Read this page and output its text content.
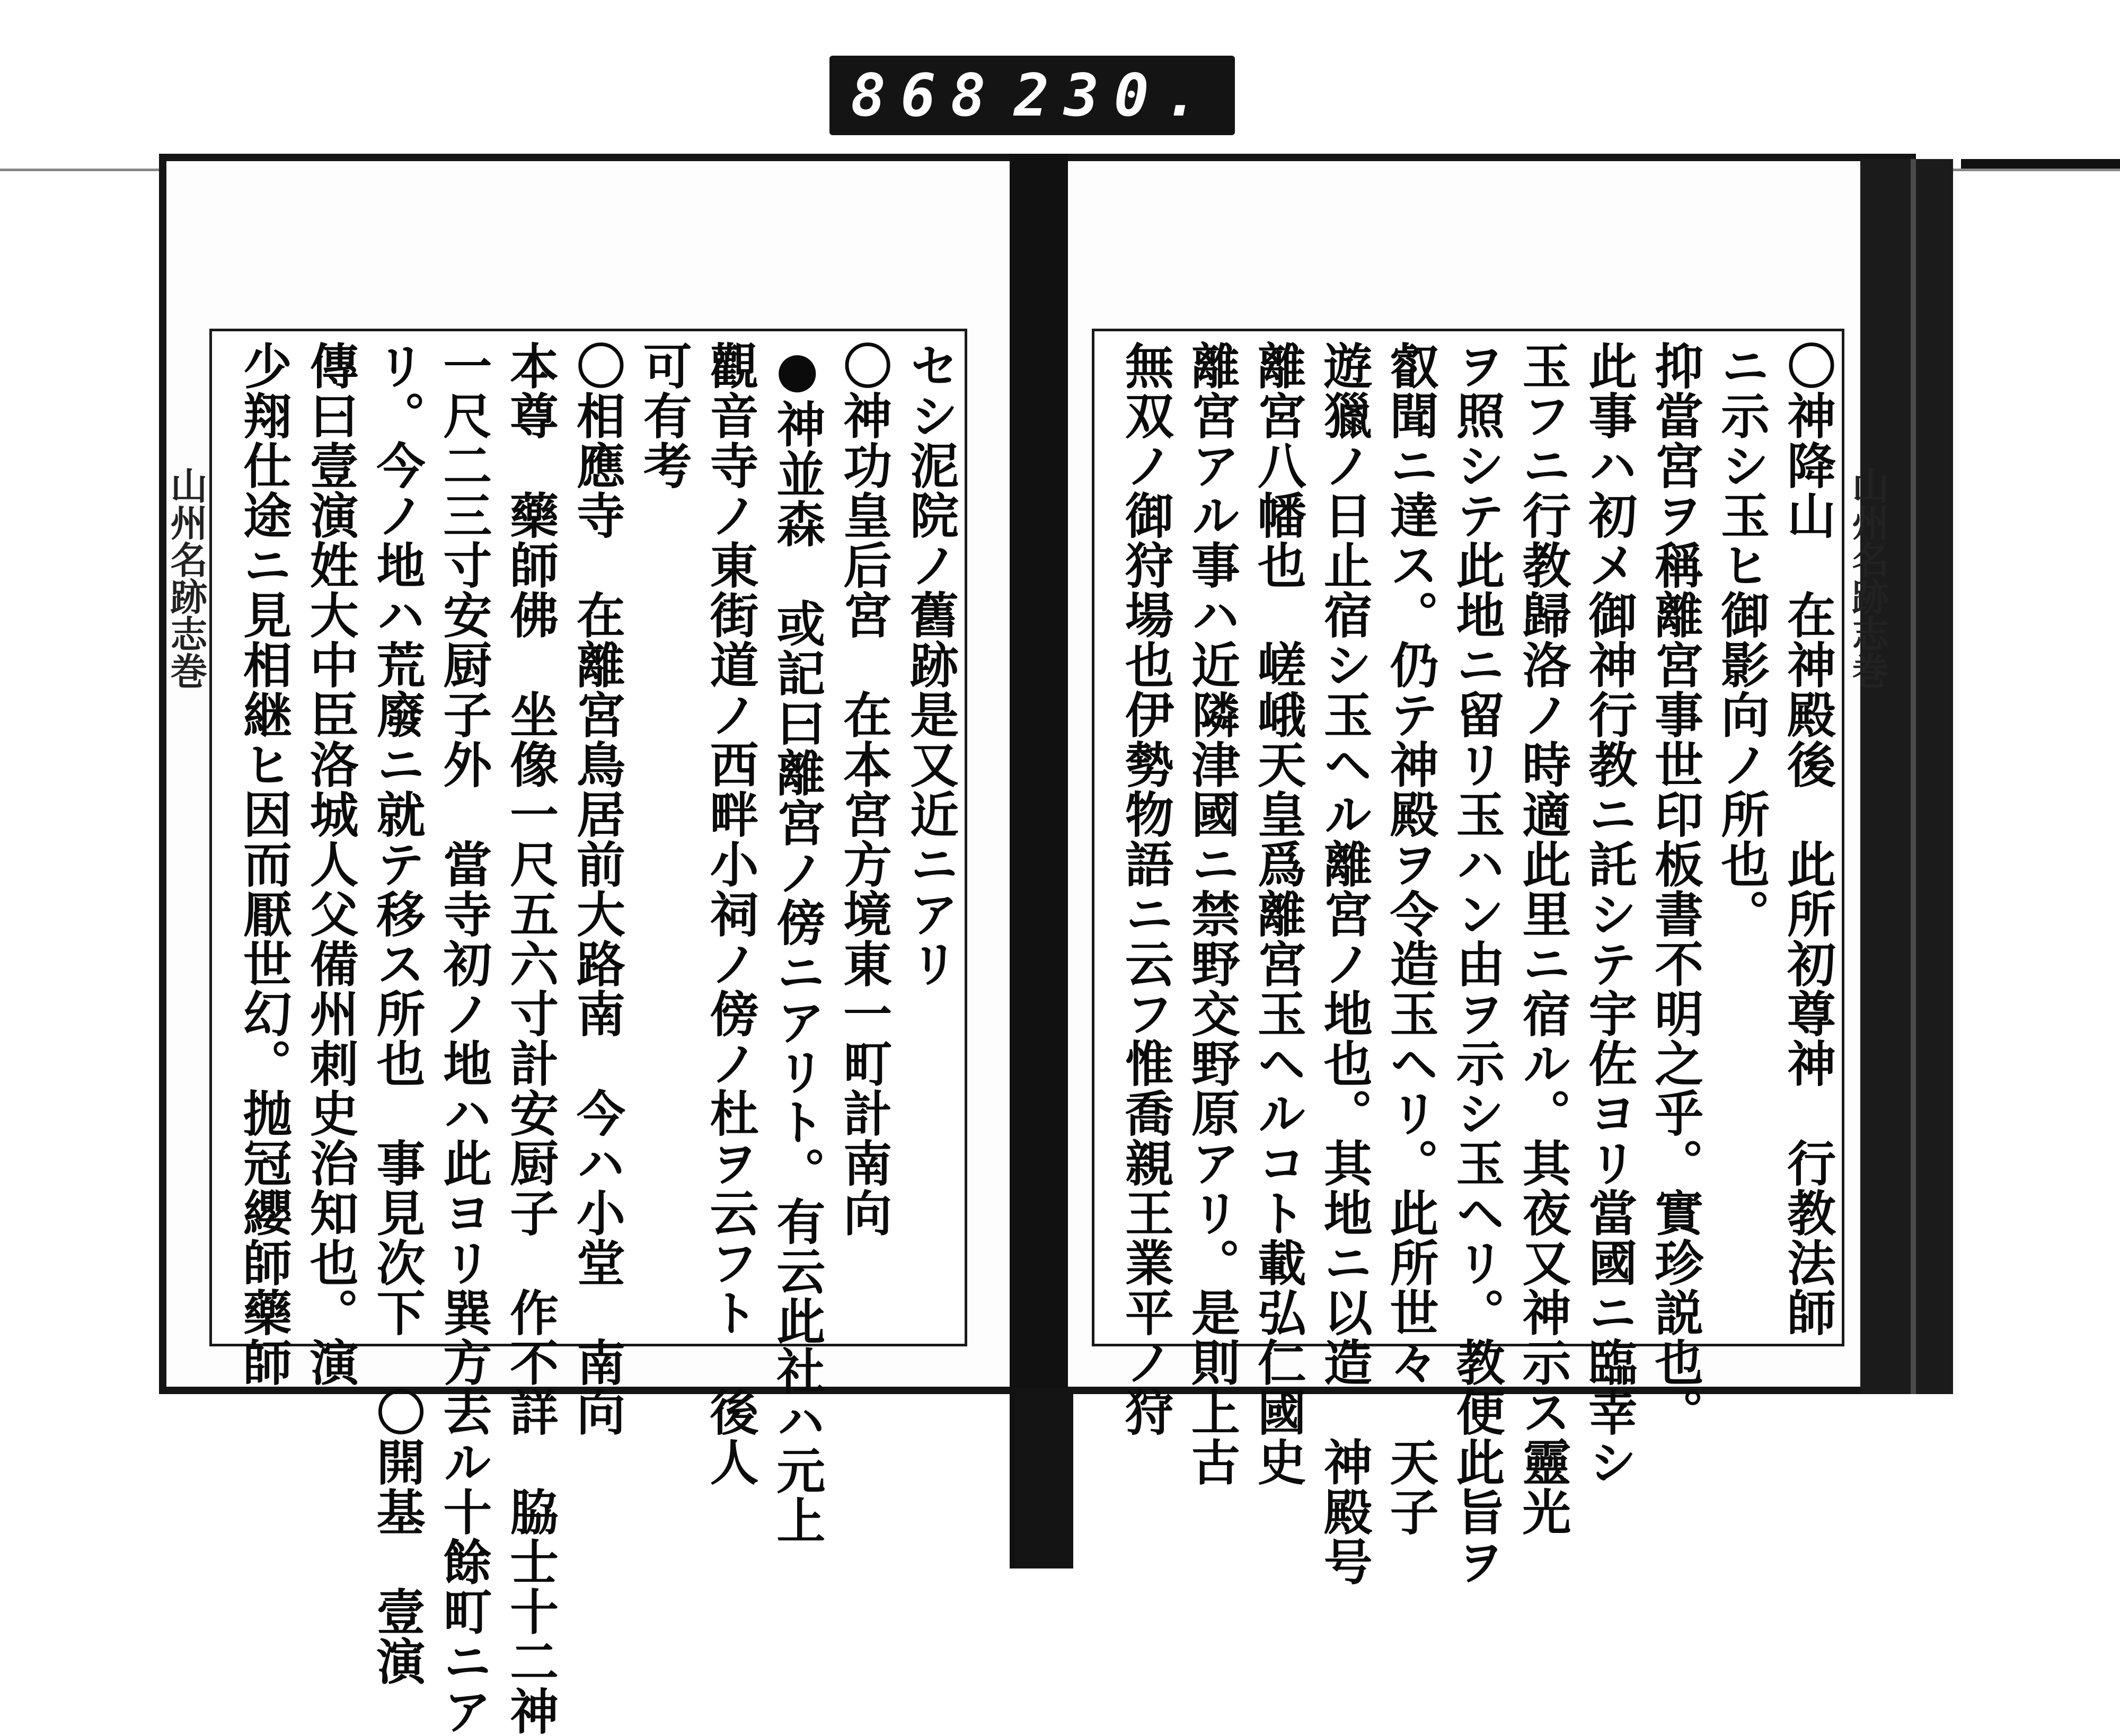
868 230.
山州名跡志巻	山州名跡志巻
〇神降山　在神殿後　此所初尊神　行教法師
ニ示シ玉ヒ御影向ノ所也。
抑當宮ヲ稱離宮事世印板書不明之乎。實珍説也。
此事ハ初メ御神行教ニ託シテ宇佐ヨリ當國ニ臨幸シ
玉フニ行教歸洛ノ時適此里ニ宿ル。其夜又神示ス靈光
ヲ照シテ此地ニ留リ玉ハン由ヲ示シ玉ヘリ。教便此旨ヲ
叡聞ニ達ス。仍テ神殿ヲ令造玉ヘリ。此所世々　天子
遊獵ノ日止宿シ玉ヘル離宮ノ地也。其地ニ以造　神殿号
離宮八幡也　嵯峨天皇爲離宮玉ヘルコト載弘仁國史
離宮アル事ハ近隣津國ニ禁野交野原アリ。是則上古
無双ノ御狩場也伊勢物語ニ云フ惟喬親王業平ノ狩
セシ泥院ノ舊跡是又近ニアリ
〇神功皇后宮　在本宮方境東一町計南向
●神並森　或記曰離宮ノ傍ニアリト。有云此社ハ元上
觀音寺ノ東街道ノ西畔小祠ノ傍ノ杜ヲ云フト　後人
可有考
〇相應寺　在離宮鳥居前大路南　今ハ小堂　南向
本尊　藥師佛　坐像一尺五六寸計安厨子　作不詳　脇士十二神
一尺二三寸安厨子外　當寺初ノ地ハ此ヨリ巽方去ル十餘町ニア
リ。今ノ地ハ荒廢ニ就テ移ス所也　事見次下　〇開基　壹演
傳曰壹演姓大中臣洛城人父備州刺史治知也。演
少翔仕途ニ見相継ヒ因而厭世幻。抛冠纓師藥師
